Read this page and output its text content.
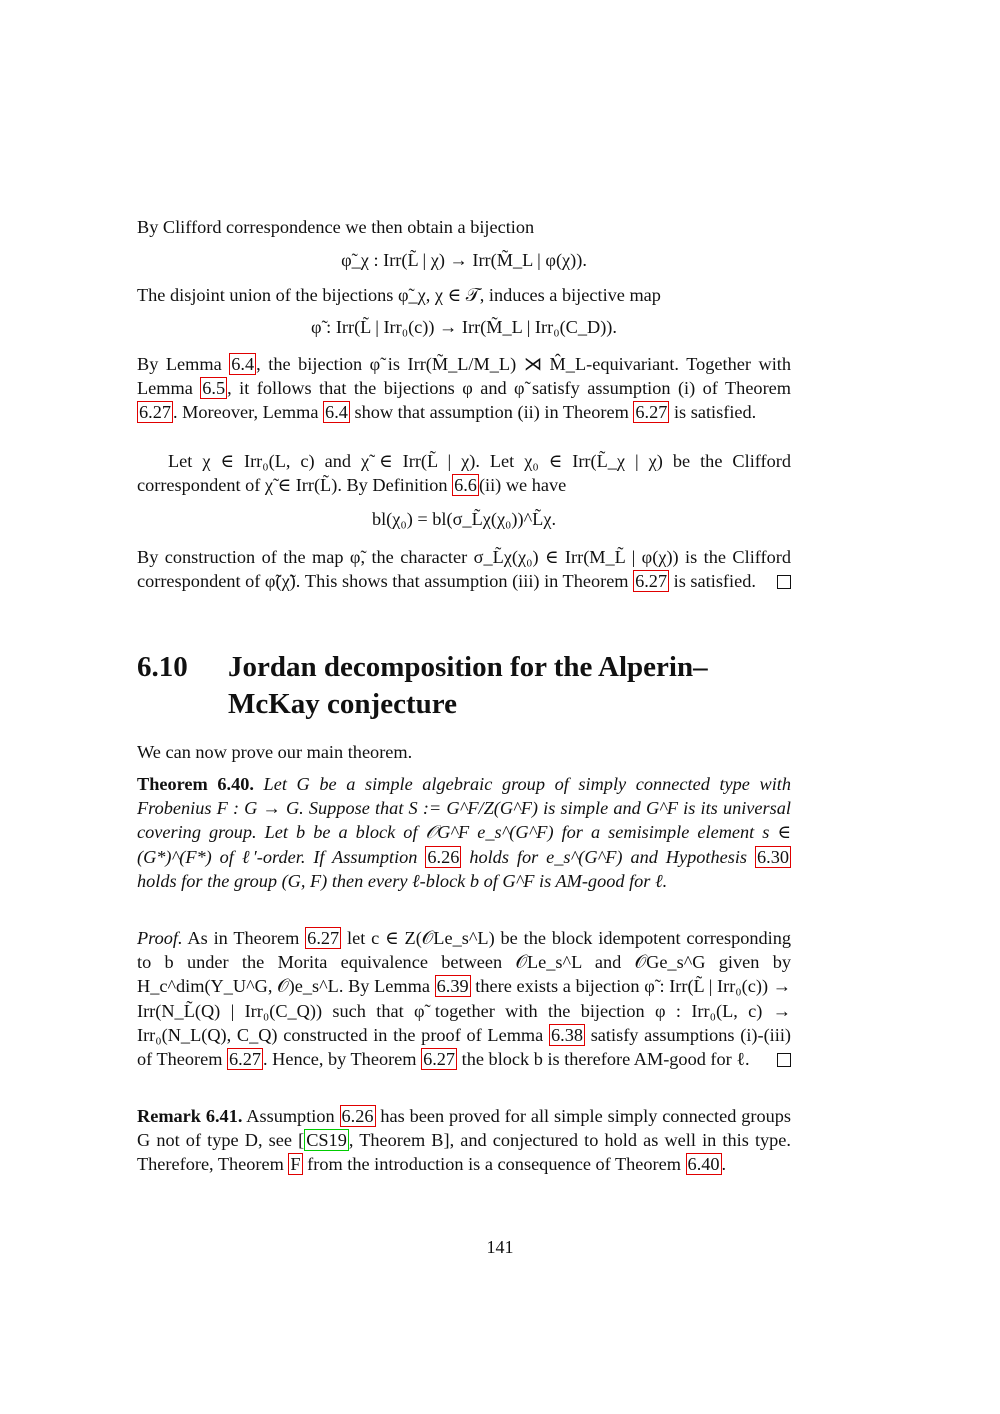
By Clifford correspondence we then obtain a bijection
φ̃_χ : Irr(L̃ | χ) → Irr(M̃_L | φ(χ)).
The disjoint union of the bijections φ̃_χ, χ ∈ 𝒯, induces a bijective map
φ̃ : Irr(L̃ | Irr₀(c)) → Irr(M̃_L | Irr₀(C_D)).
By Lemma 6.4 , the bijection φ̃ is Irr(M̃_L/M_L) ⋊ M̂_L-equivariant. Together with Lemma 6.5 , it follows that the bijections φ and φ̃ satisfy assumption (i) of Theorem 6.27 . Moreover, Lemma 6.4 show that assumption (ii) in Theorem 6.27 is satisfied.
Let χ ∈ Irr₀(L, c) and χ̃ ∈ Irr(L̃ | χ). Let χ₀ ∈ Irr(L̃_χ | χ) be the Clifford correspondent of χ̃ ∈ Irr(L̃). By Definition 6.6 (ii) we have
bl(χ₀) = bl(σ_L̃χ(χ₀))^L̃χ.
By construction of the map φ̃, the character σ_L̃χ(χ₀) ∈ Irr(M_L̃ | φ(χ)) is the Clifford correspondent of φ̃(χ̃). This shows that assumption (iii) in Theorem 6.27 is satisfied.
6.10 Jordan decomposition for the Alperin–McKay conjecture
We can now prove our main theorem.
Theorem 6.40. Let G be a simple algebraic group of simply connected type with Frobenius F : G → G. Suppose that S := G^F/Z(G^F) is simple and G^F is its universal covering group. Let b be a block of 𝒪G^F e_s^(G^F) for a semisimple element s ∈ (G*)^(F*) of ℓ′-order. If Assumption 6.26 holds for e_s^(G^F) and Hypothesis 6.30 holds for the group (G, F) then every ℓ-block b of G^F is AM-good for ℓ.
Proof. As in Theorem 6.27 let c ∈ Z(𝒪Le_s^L) be the block idempotent corresponding to b under the Morita equivalence between 𝒪Le_s^L and 𝒪Ge_s^G given by H_c^dim(Y_U^G, 𝒪)e_s^L. By Lemma 6.39 there exists a bijection φ̃ : Irr(L̃ | Irr₀(c)) → Irr(N_L̃(Q) | Irr₀(C_Q)) such that φ̃ together with the bijection φ : Irr₀(L, c) → Irr₀(N_L(Q), C_Q) constructed in the proof of Lemma 6.38 satisfy assumptions (i)-(iii) of Theorem 6.27 . Hence, by Theorem 6.27 the block b is therefore AM-good for ℓ.
Remark 6.41. Assumption 6.26 has been proved for all simple simply connected groups G not of type D, see [ CS19 , Theorem B], and conjectured to hold as well in this type. Therefore, Theorem F from the introduction is a consequence of Theorem 6.40 .
141
